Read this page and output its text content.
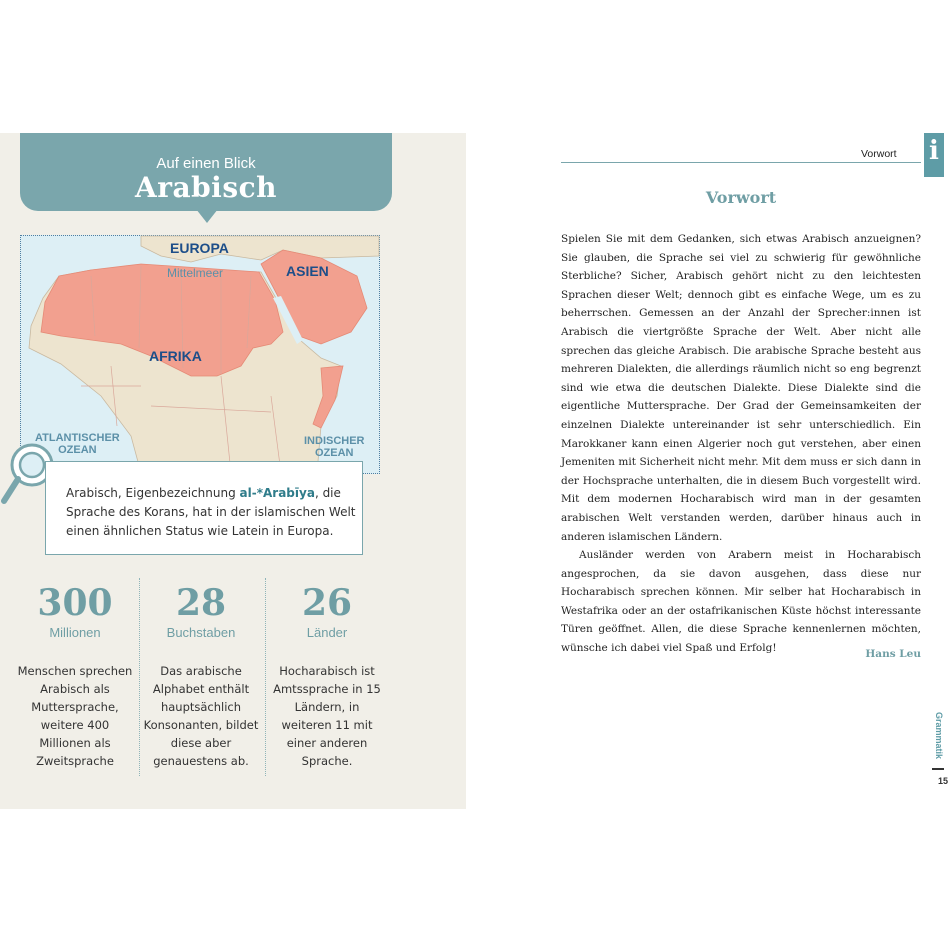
Auf einen Blick
Arabisch
EUROPA
Mittelmeer	ASIEN
AFRIKA
ATLANTISCHER
OZEAN
INDISCHER
OZEAN
Arabisch, Eigenbezeichnung al-*Arabīya, die Sprache des Korans, hat in der islamischen Welt einen ähnlichen Status wie Latein in Europa.
300
Millionen
Menschen sprechen Arabisch als Muttersprache, weitere 400 Millionen als Zweitsprache
28
Buchstaben
Das arabische Alphabet enthält hauptsächlich Konsonanten, bildet diese aber genauestens ab.
26
Länder
Hocharabisch ist Amtssprache in 15 Ländern, in weiteren 11 mit einer anderen Sprache.
i
Vorwort
Vorwort

Spielen Sie mit dem Gedanken, sich etwas Arabisch anzueignen? Sie glauben, die Sprache sei viel zu schwierig für gewöhnliche Sterbliche? Sicher, Arabisch gehört nicht zu den leichtesten Sprachen dieser Welt; dennoch gibt es einfache Wege, um es zu beherrschen. Gemessen an der Anzahl der Sprecher:innen ist Arabisch die viertgrößte Sprache der Welt. Aber nicht alle sprechen das gleiche Arabisch. Die arabische Sprache besteht aus mehreren Dialekten, die allerdings räumlich nicht so eng begrenzt sind wie etwa die deutschen Dialekte. Diese Dialekte sind die eigentliche Muttersprache. Der Grad der Gemeinsamkeiten der einzelnen Dialekte untereinander ist sehr unterschiedlich. Ein Marokkaner kann einen Algerier noch gut verstehen, aber einen Jemeniten mit Sicherheit nicht mehr. Mit dem muss er sich dann in der Hochsprache unterhalten, die in diesem Buch vorgestellt wird. Mit dem modernen Hocharabisch wird man in der gesamten arabischen Welt verstanden werden, darüber hinaus auch in anderen islamischen Ländern.

Ausländer werden von Arabern meist in Hocharabisch angesprochen, da sie davon ausgehen, dass diese nur Hocharabisch sprechen können. Mir selber hat Hocharabisch in Westafrika oder an der ostafrikanischen Küste höchst interessante Türen geöffnet. Allen, die diese Sprache kennenlernen möchten, wünsche ich dabei viel Spaß und Erfolg!	Hans Leu
Grammatik
15
